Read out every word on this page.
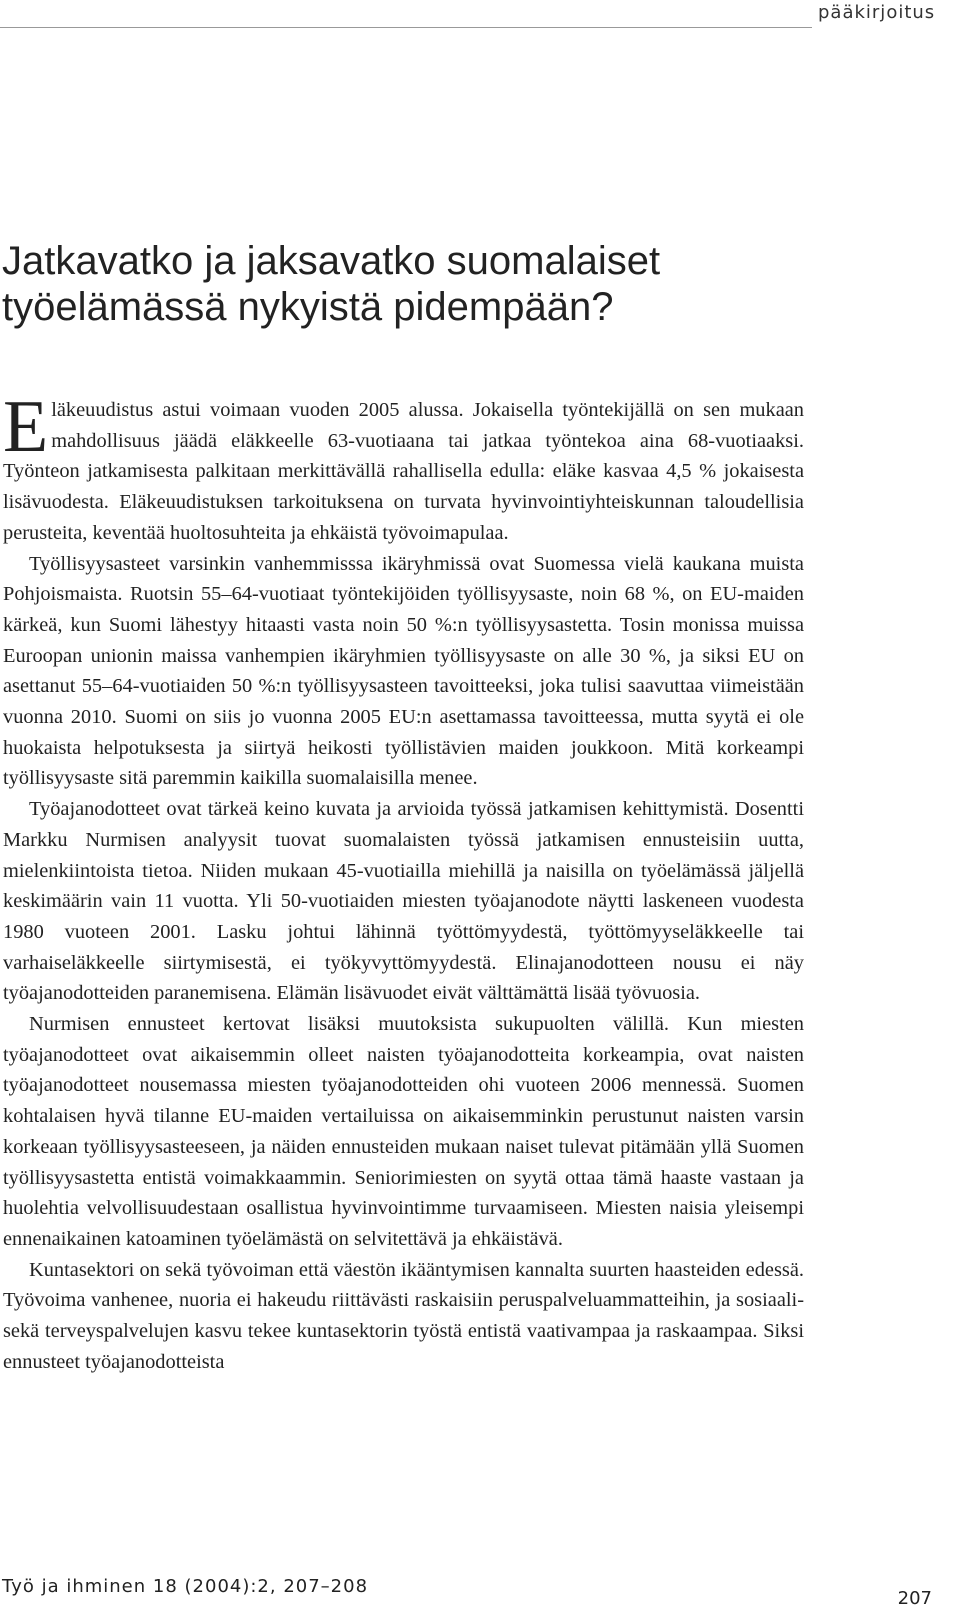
pääkirjoitus
Jatkavatko ja jaksavatko suomalaiset
työelämässä nykyistä pidempään?

Eläkeuudistus astui voimaan vuoden 2005 alussa. Jokaisella työntekijällä on sen mukaan mahdollisuus jäädä eläkkeelle 63-vuotiaana tai jatkaa työntekoa aina 68-vuotiaaksi. Työnteon jatkamisesta palkitaan merkittävällä rahallisella edulla: eläke kasvaa 4,5 % jokaisesta lisävuodesta. Eläkeuudistuksen tarkoituksena on turvata hyvinvointiyhteiskunnan taloudellisia perusteita, keventää huoltosuhteita ja ehkäistä työvoimapulaa.

Työllisyysasteet varsinkin vanhemmisssa ikäryhmissä ovat Suomessa vielä kaukana muista Pohjoismaista. Ruotsin 55–64-vuotiaat työntekijöiden työllisyysaste, noin 68 %, on EU-maiden kärkeä, kun Suomi lähestyy hitaasti vasta noin 50 %:n työllisyysastetta. Tosin monissa muissa Euroopan unionin maissa vanhempien ikäryhmien työllisyysaste on alle 30 %, ja siksi EU on asettanut 55–64-vuotiaiden 50 %:n työllisyysasteen tavoitteeksi, joka tulisi saavuttaa viimeistään vuonna 2010. Suomi on siis jo vuonna 2005 EU:n asettamassa tavoitteessa, mutta syytä ei ole huokaista helpotuksesta ja siirtyä heikosti työllistävien maiden joukkoon. Mitä korkeampi työllisyysaste sitä paremmin kaikilla suomalaisilla menee.

Työajanodotteet ovat tärkeä keino kuvata ja arvioida työssä jatkamisen kehittymistä. Dosentti Markku Nurmisen analyysit tuovat suomalaisten työssä jatkamisen ennusteisiin uutta, mielenkiintoista tietoa. Niiden mukaan 45-vuotiailla miehillä ja naisilla on työelämässä jäljellä keskimäärin vain 11 vuotta. Yli 50-vuotiaiden miesten työajanodote näytti laskeneen vuodesta 1980 vuoteen 2001. Lasku johtui lähinnä työttömyydestä, työttömyyseläkkeelle tai varhaiseläkkeelle siirtymisestä, ei työkyvyttömyydestä. Elinajanodotteen nousu ei näy työajanodotteiden paranemisena. Elämän lisävuodet eivät välttämättä lisää työvuosia.

Nurmisen ennusteet kertovat lisäksi muutoksista sukupuolten välillä. Kun miesten työajanodotteet ovat aikaisemmin olleet naisten työajanodotteita korkeampia, ovat naisten työajanodotteet nousemassa miesten työajanodotteiden ohi vuoteen 2006 mennessä. Suomen kohtalaisen hyvä tilanne EU-maiden vertailuissa on aikaisemminkin perustunut naisten varsin korkeaan työllisyysasteeseen, ja näiden ennusteiden mukaan naiset tulevat pitämään yllä Suomen työllisyysastetta entistä voimakkaammin. Seniorimiesten on syytä ottaa tämä haaste vastaan ja huolehtia velvollisuudestaan osallistua hyvinvointimme turvaamiseen. Miesten naisia yleisempi ennenaikainen katoaminen työelämästä on selvitettävä ja ehkäistävä.

Kuntasektori on sekä työvoiman että väestön ikääntymisen kannalta suurten haasteiden edessä. Työvoima vanhenee, nuoria ei hakeudu riittävästi raskaisiin peruspalveluammatteihin, ja sosiaali- sekä terveyspalvelujen kasvu tekee kuntasektorin työstä entistä vaativampaa ja raskaampaa. Siksi ennusteet työajanodotteista

Työ ja ihminen 18 (2004):2, 207–208
207
